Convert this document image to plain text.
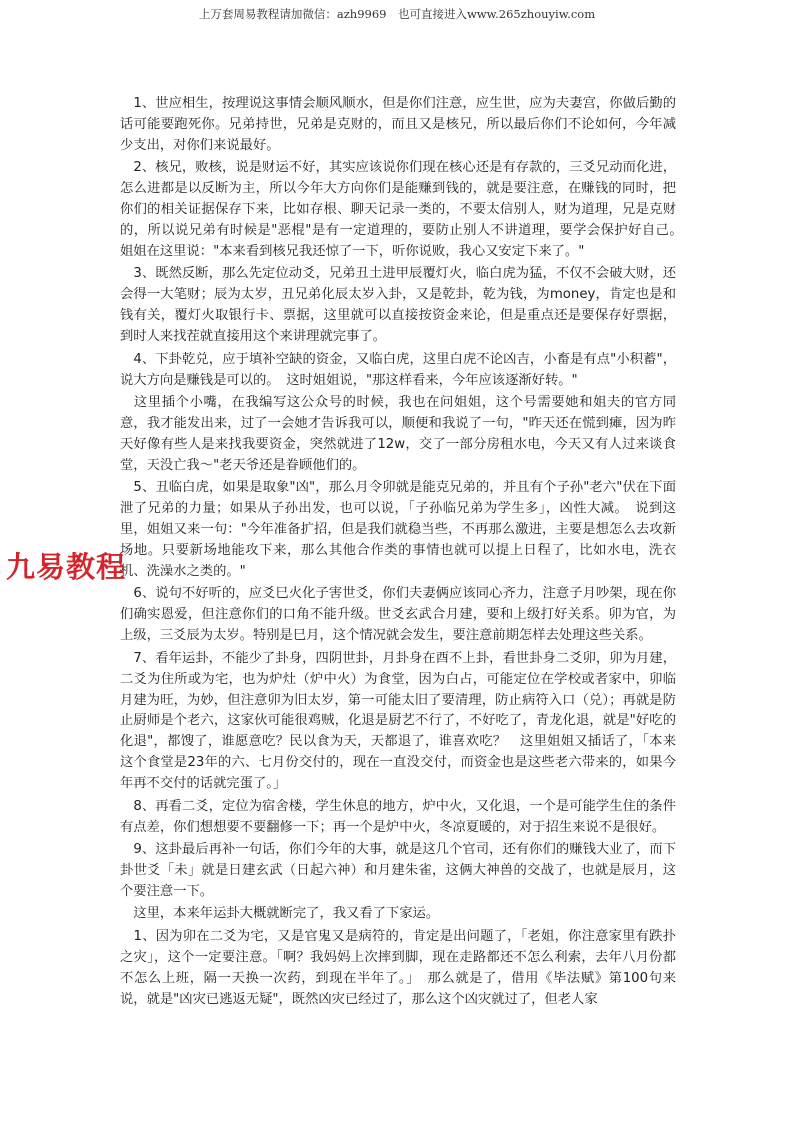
上万套周易教程请加微信：azh9969　也可直接进入www.265zhouyiw.com
九易教程

　1、世应相生，按理说这事情会顺风顺水，但是你们注意，应生世，应为夫妻宫，你做后勤的话可能要跑死你。兄弟持世，兄弟是克财的，而且又是核兄，所以最后你们不论如何，今年减少支出，对你们来说最好。

　2、核兄，败核，说是财运不好，其实应该说你们现在核心还是有存款的，三爻兄动而化进，怎么进都是以反断为主，所以今年大方向你们是能赚到钱的，就是要注意，在赚钱的同时，把你们的相关证据保存下来，比如存根、聊天记录一类的，不要太信别人，财为道理，兄是克财的，所以说兄弟有时候是"恶棍"是有一定道理的，要防止别人不讲道理，要学会保护好自己。　姐姐在这里说："本来看到核兄我还惊了一下，听你说败，我心又安定下来了。"

　3、既然反断，那么先定位动爻，兄弟丑土进甲辰覆灯火，临白虎为猛，不仅不会破大财，还会得一大笔财；辰为太岁，丑兄弟化辰太岁入卦，又是乾卦，乾为钱，为money，肯定也是和钱有关，覆灯火取银行卡、票据，这里就可以直接按资金来论，但是重点还是要保存好票据，到时人来找茬就直接用这个来讲理就完事了。

　4、下卦乾兑，应于填补空缺的资金，又临白虎，这里白虎不论凶吉，小畜是有点"小积蓄"，说大方向是赚钱是可以的。　这时姐姐说，"那这样看来，今年应该逐渐好转。"

　这里插个小嘴，在我编写这公众号的时候，我也在问姐姐，这个号需要她和姐夫的官方同意，我才能发出来，过了一会她才告诉我可以，顺便和我说了一句，"昨天还在慌到瘫，因为昨天好像有些人是来找我要资金，突然就进了12w，交了一部分房租水电，今天又有人过来谈食堂，天没亡我～"老天爷还是眷顾他们的。

　5、丑临白虎，如果是取象"凶"，那么月令卯就是能克兄弟的，并且有个子孙"老六"伏在下面泄了兄弟的力量；如果从子孙出发，也可以说，「子孙临兄弟为学生多」，凶性大减。　说到这里，姐姐又来一句："今年准备扩招，但是我们就稳当些，不再那么激进，主要是想怎么去攻新场地。只要新场地能攻下来，那么其他合作类的事情也就可以提上日程了，比如水电，洗衣机、洗澡水之类的。"

　6、说句不好听的，应爻巳火化子害世爻，你们夫妻俩应该同心齐力，注意子月吵架，现在你们确实恩爱，但注意你们的口角不能升级。世爻玄武合月建，要和上级打好关系。卯为官，为上级，三爻辰为太岁。特别是巳月，这个情况就会发生，要注意前期怎样去处理这些关系。

　7、看年运卦，不能少了卦身，四阴世卦，月卦身在酉不上卦，看世卦身二爻卯，卯为月建，二爻为住所或为宅，也为炉灶（炉中火）为食堂，因为白占，可能定位在学校或者家中，卯临月建为旺，为妙，但注意卯为旧太岁，第一可能太旧了要清理，防止病符入口（兑）；再就是防止厨师是个老六，这家伙可能很鸡贼，化退是厨艺不行了，不好吃了，青龙化退，就是"好吃的化退"，都馊了，谁愿意吃？民以食为天，天都退了，谁喜欢吃？　这里姐姐又插话了，「本来这个食堂是23年的六、七月份交付的，现在一直没交付，而资金也是这些老六带来的，如果今年再不交付的话就完蛋了。」

　8、再看二爻，定位为宿舍楼，学生休息的地方，炉中火，又化退，一个是可能学生住的条件有点差，你们想想要不要翻修一下；再一个是炉中火，冬凉夏暖的，对于招生来说不是很好。

　9、这卦最后再补一句话，你们今年的大事，就是这几个官司，还有你们的赚钱大业了，而下卦世爻「未」就是日建玄武（日起六神）和月建朱雀，这俩大神兽的交战了，也就是辰月，这个要注意一下。

　这里，本来年运卦大概就断完了，我又看了下家运。

　1、因为卯在二爻为宅，又是官鬼又是病符的，肯定是出问题了，「老姐，你注意家里有跌扑之灾」，这个一定要注意。「啊？我妈妈上次摔到脚，现在走路都还不怎么利索，去年八月份都不怎么上班，隔一天换一次药，到现在半年了。」　那么就是了，借用《毕法赋》第100句来说，就是"凶灾已逃返无疑"，既然凶灾已经过了，那么这个凶灾就过了，但老人家
